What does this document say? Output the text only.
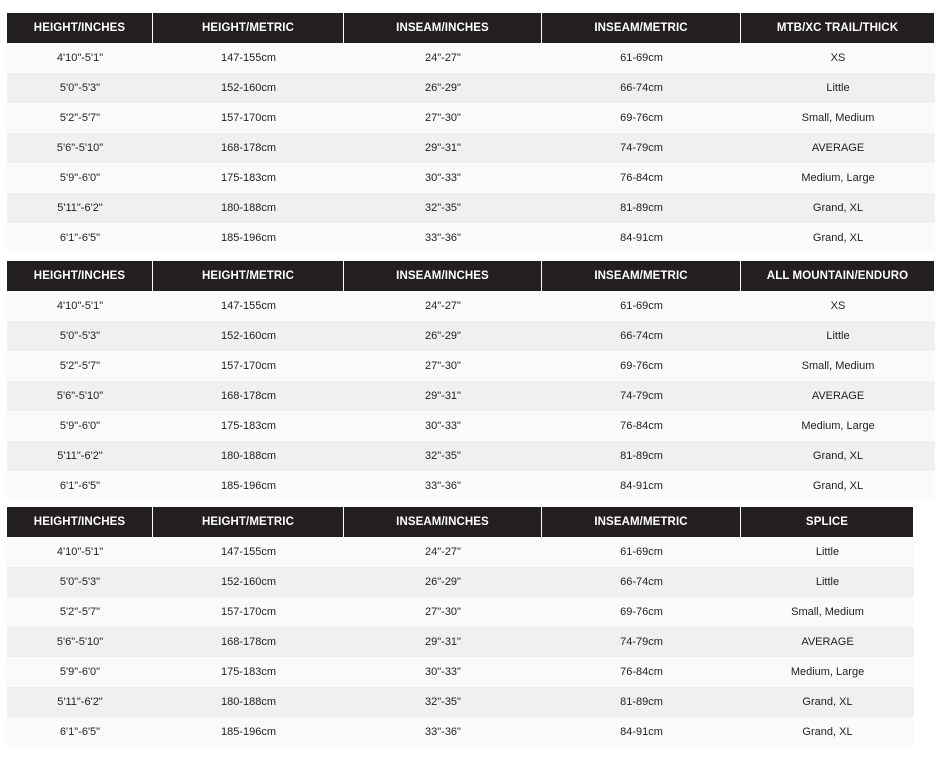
HEIGHT/INCHES	HEIGHT/METRIC	INSEAM/INCHES	INSEAM/METRIC	MTB/XC TRAIL/THICK
4'10"-5'1"	147-155cm	24"-27"	61-69cm	XS
5'0"-5'3"	152-160cm	26"-29"	66-74cm	Little
5'2"-5'7"	157-170cm	27"-30"	69-76cm	Small, Medium
5'6"-5'10"	168-178cm	29"-31"	74-79cm	AVERAGE
5'9"-6'0"	175-183cm	30"-33"	76-84cm	Medium, Large
5'11"-6'2"	180-188cm	32"-35"	81-89cm	Grand, XL
6'1"-6'5"	185-196cm	33"-36"	84-91cm	Grand, XL
HEIGHT/INCHES	HEIGHT/METRIC	INSEAM/INCHES	INSEAM/METRIC	ALL MOUNTAIN/ENDURO
4'10"-5'1"	147-155cm	24"-27"	61-69cm	XS
5'0"-5'3"	152-160cm	26"-29"	66-74cm	Little
5'2"-5'7"	157-170cm	27"-30"	69-76cm	Small, Medium
5'6"-5'10"	168-178cm	29"-31"	74-79cm	AVERAGE
5'9"-6'0"	175-183cm	30"-33"	76-84cm	Medium, Large
5'11"-6'2"	180-188cm	32"-35"	81-89cm	Grand, XL
6'1"-6'5"	185-196cm	33"-36"	84-91cm	Grand, XL
HEIGHT/INCHES	HEIGHT/METRIC	INSEAM/INCHES	INSEAM/METRIC	SPLICE
4'10"-5'1"	147-155cm	24"-27"	61-69cm	Little
5'0"-5'3"	152-160cm	26"-29"	66-74cm	Little
5'2"-5'7"	157-170cm	27"-30"	69-76cm	Small, Medium
5'6"-5'10"	168-178cm	29"-31"	74-79cm	AVERAGE
5'9"-6'0"	175-183cm	30"-33"	76-84cm	Medium, Large
5'11"-6'2"	180-188cm	32"-35"	81-89cm	Grand, XL
6'1"-6'5"	185-196cm	33"-36"	84-91cm	Grand, XL
